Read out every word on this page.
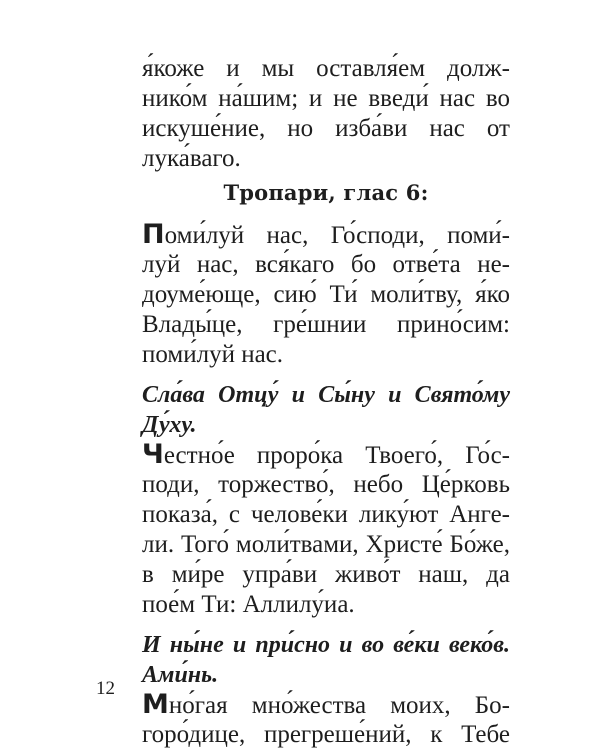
я́коже и мы оставля́ем долж-
нико́м на́шим; и не введи́ нас во
искуше́ние, но изба́ви нас от
лука́ваго.
Тропари, глас 6:
Поми́луй нас, Го́споди, поми́-
луй нас, вся́каго бо отве́та не-
доуме́юще, сию́ Ти́ моли́тву, я́ко
Влады́це, гре́шнии прино́сим:
поми́луй нас.
Сла́ва Отцу́ и Сы́ну и Свято́му
Ду́ху.
Честно́е проро́ка Твоего́, Го́с-
поди, торжество́, небо Це́рковь
показа́, с челове́ки лику́ют Анге-
ли. Того́ моли́твами, Христе́ Бо́же,
в ми́ре упра́ви живо́т наш, да
пое́м Ти: Аллилу́иа.
И ны́не и при́сно и во ве́ки веко́в.
Ами́нь.
Мно́гая мно́жества моих, Бо-
горо́дице, прегреше́ний, к Тебе
12
